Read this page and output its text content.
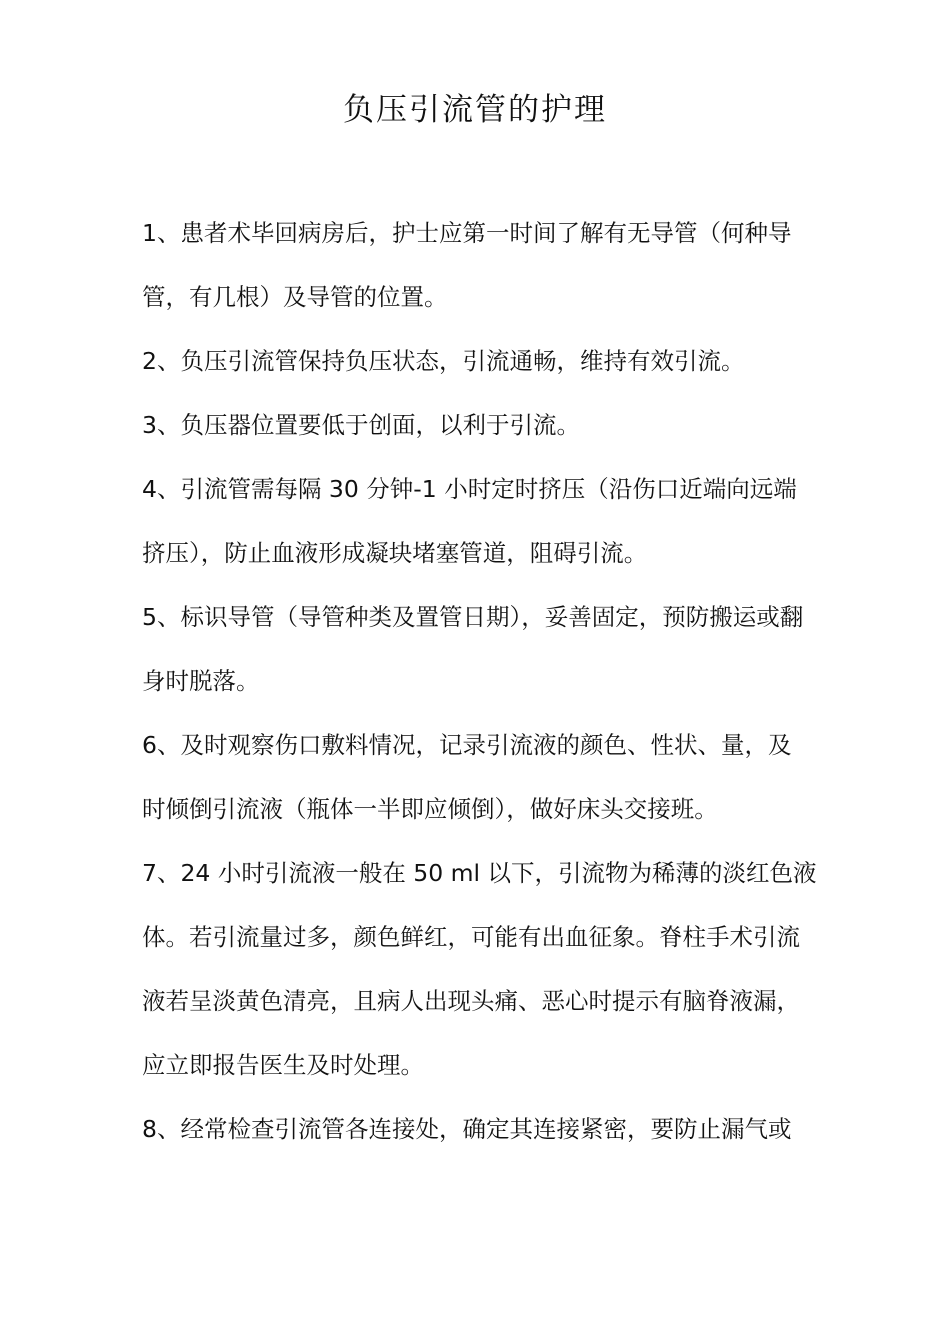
负压引流管的护理
1、患者术毕回病房后，护士应第一时间了解有无导管（何种导
管，有几根）及导管的位置。
2、负压引流管保持负压状态，引流通畅，维持有效引流。
3、负压器位置要低于创面，以利于引流。
4、引流管需每隔 30 分钟-1 小时定时挤压（沿伤口近端向远端
挤压），防止血液形成凝块堵塞管道，阻碍引流。
5、标识导管（导管种类及置管日期），妥善固定，预防搬运或翻
身时脱落。
6、及时观察伤口敷料情况，记录引流液的颜色、性状、量，及
时倾倒引流液（瓶体一半即应倾倒），做好床头交接班。
7、24 小时引流液一般在 50 ml 以下，引流物为稀薄的淡红色液
体。若引流量过多，颜色鲜红，可能有出血征象。脊柱手术引流
液若呈淡黄色清亮，且病人出现头痛、恶心时提示有脑脊液漏，
应立即报告医生及时处理。
8、经常检查引流管各连接处，确定其连接紧密，要防止漏气或
